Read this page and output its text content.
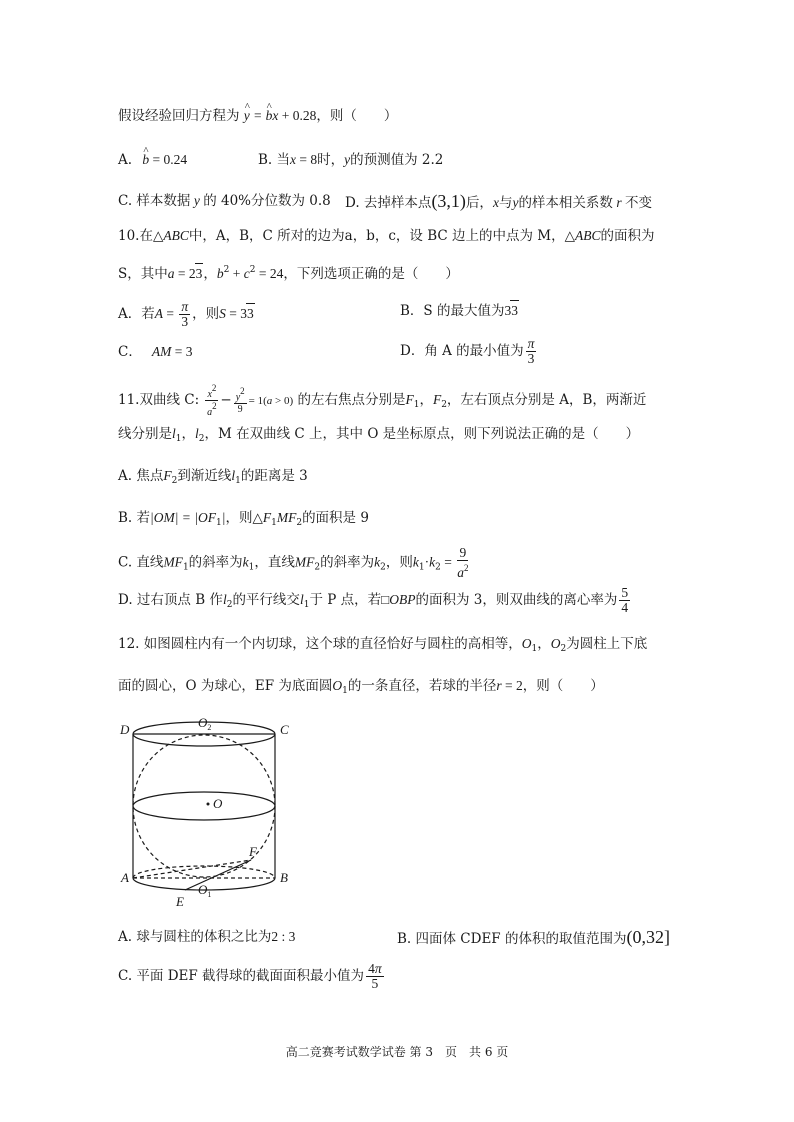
假设经验回归方程为 ^ y = ^ bx + 0.28，则（　　）
A. ^ b = 0.24	B. 当x = 8时，y的预测值为 2.2
C. 样本数据 y 的 40%分位数为 0.8 D. 去掉样本点(3,1)后，x与y的样本相关系数 r 不变
10.在△ABC中，A，B，C 所对的边为a，b，c，设 BC 边上的中点为 M，△ABC的面积为
S，其中a = 23，$b^2 + c^2 = 24$，下列选项正确的是（　　）
A．若$A = \frac{\pi}{3}$ ，则S = 33	B．S 的最大值为33
C． AM = 3	D．角 A 的最小值为 $\frac{\pi}{3}$
11.双曲线 C: $\frac{x2}{a2} - \frac{y2}{9} = 1(a > 0)$ 的左右焦点分别是$F_1$，$F_2$，左右顶点分别是 A，B，两渐近
线分别是$l_1$，$l_2$，M 在双曲线 C 上，其中 O 是坐标原点，则下列说法正确的是（　　）
A. 焦点$F_2$到渐近线$l_1$的距离是 3
B. 若$|OM| = |OF_1|$，则$\triangle F_1MF_2$的面积是 9
C. 直线$MF_1$的斜率为$k_1$，直线$MF_2$的斜率为$k_2$，则$k_1\cdot k_2 = \frac{9}{a^2}$
D. 过右顶点 B 作$l_2$的平行线交$l_1$于 P 点，若□OBP的面积为 3，则双曲线的离心率为 $\frac{5}{4}$
12. 如图圆柱内有一个内切球，这个球的直径恰好与圆柱的高相等，$O_1$，$O_2$为圆柱上下底
面的圆心，O 为球心，EF 为底面圆$O_1$的一条直径，若球的半径r = 2，则（　　）
D	C
A	B
E
F
O
$O_1$
$O_2$
A. 球与圆柱的体积之比为2 : 3	B. 四面体 CDEF 的体积的取值范围为(0,32]
C. 平面 DEF 截得球的截面面积最小值为 $\frac{4\pi}{5}$
高二竞赛考试数学试卷 第 3　页　共 6 页
